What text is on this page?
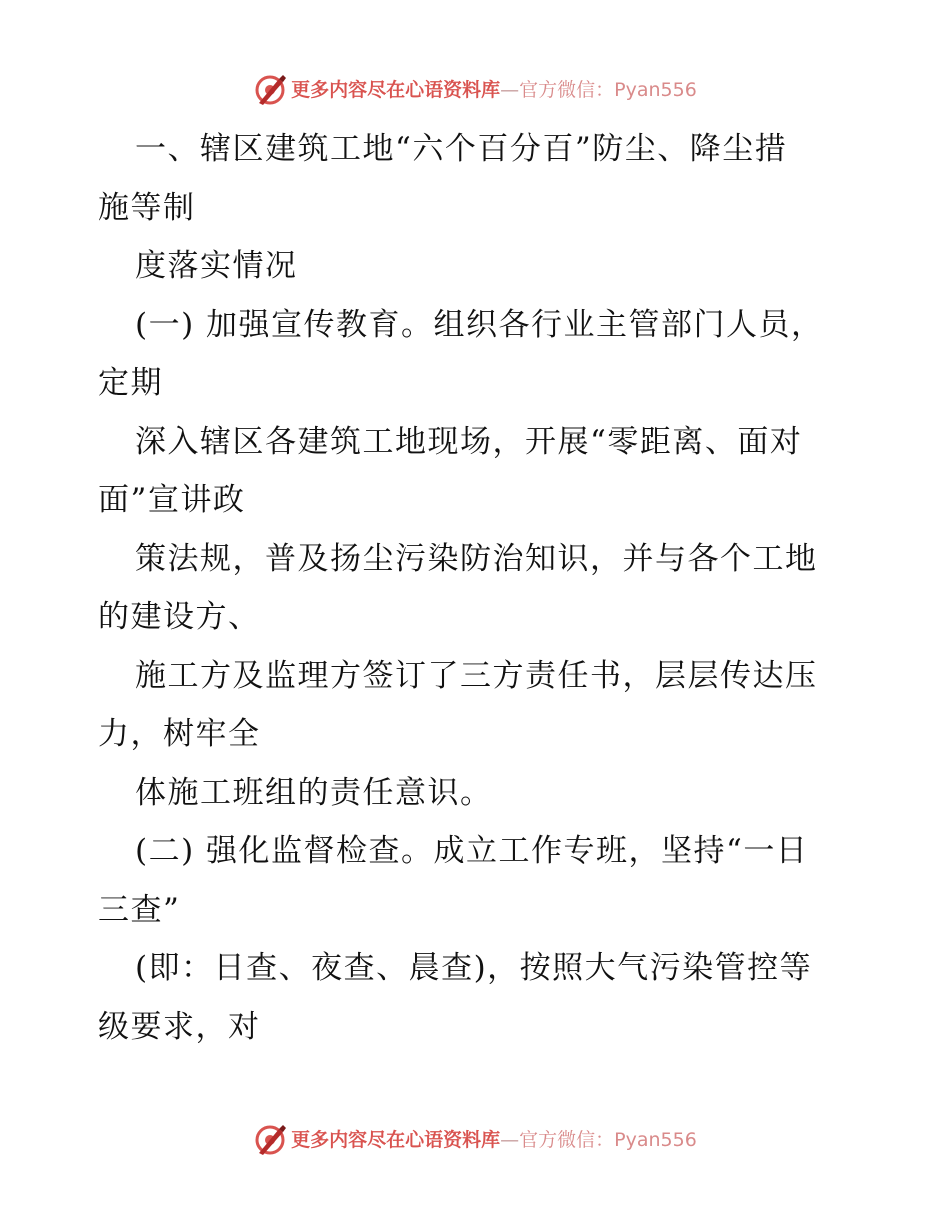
更多内容尽在心语资料库—官方微信：Pyan556
一、辖区建筑工地“六个百分百”防尘、降尘措
施等制
度落实情况
(一) 加强宣传教育。组织各行业主管部门人员，
定期
深入辖区各建筑工地现场，开展“零距离、面对
面”宣讲政
策法规，普及扬尘污染防治知识，并与各个工地
的建设方、
施工方及监理方签订了三方责任书，层层传达压
力，树牢全
体施工班组的责任意识。
(二) 强化监督检查。成立工作专班，坚持“一日
三查”
(即：日查、夜查、晨查)，按照大气污染管控等
级要求，对
更多内容尽在心语资料库—官方微信：Pyan556
